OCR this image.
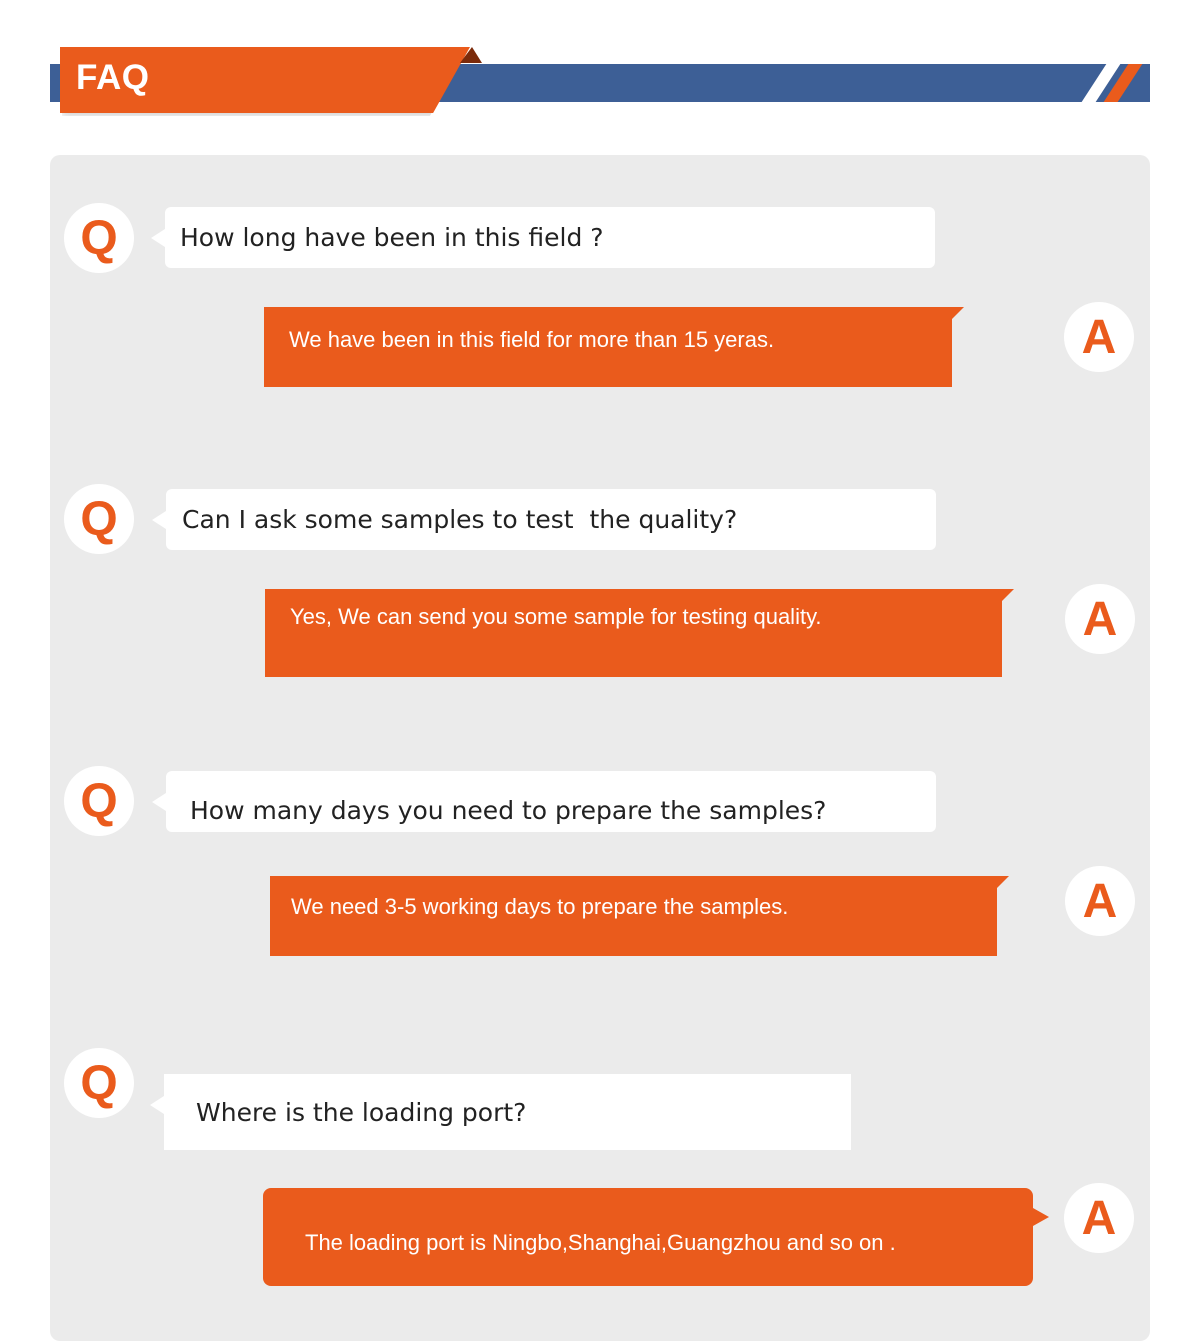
FAQ
Q	How long have been in this field ?
We have been in this field for more than 15 yeras.	A
Q	Can I ask some samples to test  the quality?
Yes, We can send you some sample for testing quality.	A
Q	How many days you need to prepare the samples?
We need 3-5 working days to prepare the samples.	A
Q
Where is the loading port?
The loading port is Ningbo,Shanghai,Guangzhou and so on .	A
